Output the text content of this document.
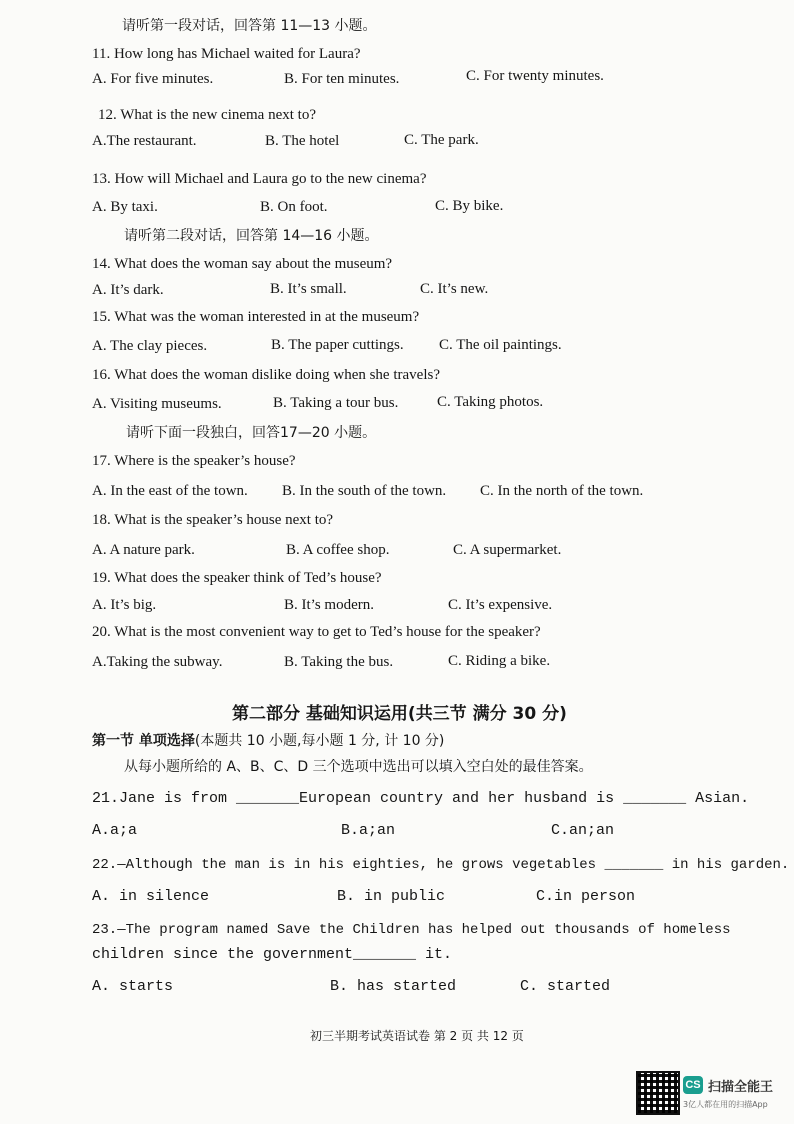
请听第一段对话，回答第 11—13 小题。
11. How long has Michael waited for Laura?
A. For five minutes.	B. For ten minutes.	C. For twenty minutes.
12. What is the new cinema next to?
A.The restaurant.	B. The hotel	C. The park.
13. How will Michael and Laura go to the new cinema?
A. By taxi.	B. On foot.	C. By bike.
请听第二段对话，回答第 14—16 小题。
14. What does the woman say about the museum?
A. It’s dark.	B. It’s small.	C. It’s new.
15. What was the woman interested in at the museum?
A. The clay pieces.	B. The paper cuttings. C. The oil paintings.
16. What does the woman dislike doing when she travels?
A. Visiting museums.	B. Taking a tour bus.	C. Taking photos.
请听下面一段独白，回答17—20 小题。
17. Where is the speaker’s house?
A. In the east of the town. B. In the south of the town. C. In the north of the town.
18. What is the speaker’s house next to?
A. A nature park.	B. A coffee shop.	C. A supermarket.
19. What does the speaker think of Ted’s house?
A. It’s big.	B. It’s modern.	C. It’s expensive.
20. What is the most convenient way to get to Ted’s house for the speaker?
A.Taking the subway.	B. Taking the bus.	C. Riding a bike.
第二部分 基础知识运用(共三节 满分 30 分)
第一节 单项选择(本题共 10 小题,每小题 1 分, 计 10 分)
从每小题所给的 A、B、C、D 三个选项中选出可以填入空白处的最佳答案。
21.Jane is from _______European country and her husband is _______ Asian.
A.a;a	B.a;an	C.an;an
22.—Although the man is in his eighties, he grows vegetables _______ in his garden.
A. in silence	B. in public	C.in person
23.—The program named Save the Children has helped out thousands of homeless
children since the government_______ it.
A. starts	B. has started	C. started
初三半期考试英语试卷 第 2 页 共 12 页
CS 扫描全能王
3亿人都在用的扫描App
